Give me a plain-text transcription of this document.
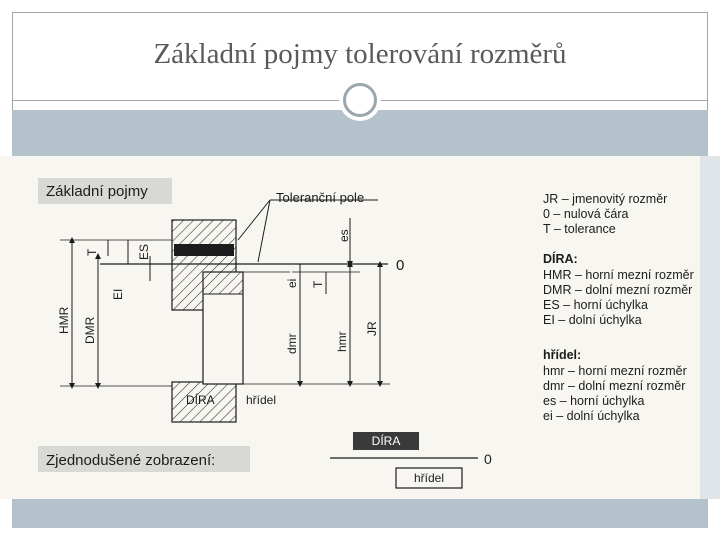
Základní pojmy tolerování rozměrů
Základní pojmy	Toleranční pole
0
T	ES
EI
HMR DMR
es
ei T
dmr	hmr
JR
DÍRA	hřídel
JR – jmenovitý rozměr
0 – nulová čára
T – tolerance
DÍRA:
HMR – horní mezní rozměr
DMR – dolní mezní rozměr
ES – horní úchylka
EI – dolní úchylka
hřídel:
hmr – horní mezní rozměr
dmr – dolní mezní rozměr
es – horní úchylka
ei – dolní úchylka
Zjednodušené zobrazení:
DÍRA
0
hřídel
